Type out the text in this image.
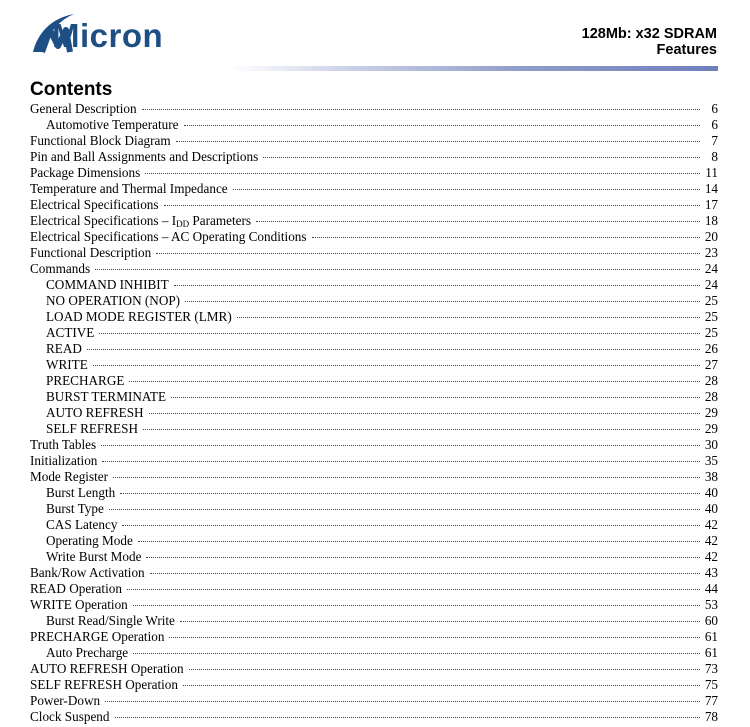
Micron	128Mb: x32 SDRAM
Features
Contents
General Description	6
Automotive Temperature	6
Functional Block Diagram	7
Pin and Ball Assignments and Descriptions	8
Package Dimensions	11
Temperature and Thermal Impedance	14
Electrical Specifications	17
Electrical Specifications – $I_{DD}$ Parameters	18
Electrical Specifications – AC Operating Conditions	20
Functional Description	23
Commands	24
COMMAND INHIBIT	24
NO OPERATION (NOP)	25
LOAD MODE REGISTER (LMR)	25
ACTIVE	25
READ	26
WRITE	27
PRECHARGE	28
BURST TERMINATE	28
AUTO REFRESH	29
SELF REFRESH	29
Truth Tables	30
Initialization	35
Mode Register	38
Burst Length	40
Burst Type	40
CAS Latency	42
Operating Mode	42
Write Burst Mode	42
Bank/Row Activation	43
READ Operation	44
WRITE Operation	53
Burst Read/Single Write	60
PRECHARGE Operation	61
Auto Precharge	61
AUTO REFRESH Operation	73
SELF REFRESH Operation	75
Power-Down	77
Clock Suspend	78
